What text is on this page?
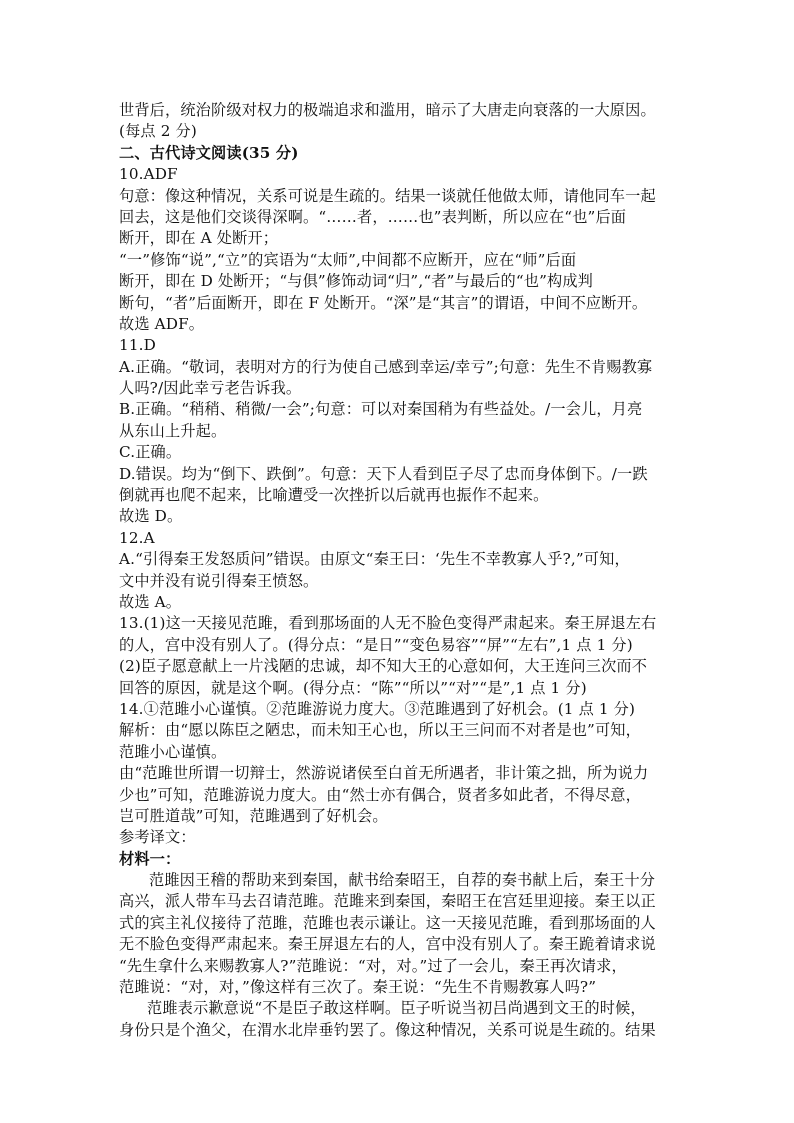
世背后，统治阶级对权力的极端追求和滥用，暗示了大唐走向衰落的一大原因。
(每点 2 分)
二、古代诗文阅读(35 分)
10.ADF
句意：像这种情况，关系可说是生疏的。结果一谈就任他做太师，请他同车一起
回去，这是他们交谈得深啊。“……者，……也”表判断，所以应在“也”后面
断开，即在 A 处断开；
“一”修饰“说”,“立”的宾语为“太师”,中间都不应断开，应在“师”后面
断开，即在 D 处断开；“与俱”修饰动词“归”,“者”与最后的“也”构成判
断句，“者”后面断开，即在 F 处断开。“深”是“其言”的谓语，中间不应断开。
故选 ADF。
11.D
A.正确。“敬词，表明对方的行为使自己感到幸运/幸亏”;句意：先生不肯赐教寡
人吗?/因此幸亏老告诉我。
B.正确。“稍稍、稍微/一会”;句意：可以对秦国稍为有些益处。/一会儿，月亮
从东山上升起。
C.正确。
D.错误。均为“倒下、跌倒”。句意：天下人看到臣子尽了忠而身体倒下。/一跌
倒就再也爬不起来，比喻遭受一次挫折以后就再也振作不起来。
故选 D。
12.A
A.“引得秦王发怒质问”错误。由原文“秦王曰：‘先生不幸教寡人乎?,”可知，
文中并没有说引得秦王愤怒。
故选 A。
13.(1)这一天接见范雎，看到那场面的人无不脸色变得严肃起来。秦王屏退左右
的人，宫中没有别人了。(得分点：“是日”“变色易容”“屏”“左右”,1 点 1 分)
(2)臣子愿意献上一片浅陋的忠诚，却不知大王的心意如何，大王连问三次而不
回答的原因，就是这个啊。(得分点：“陈”“所以”“对”“是”,1 点 1 分)
14.①范雎小心谨慎。②范雎游说力度大。③范雎遇到了好机会。(1 点 1 分)
解析：由“愿以陈臣之陋忠，而未知王心也，所以王三问而不对者是也”可知，
范雎小心谨慎。
由“范雎世所谓一切辩士，然游说诸侯至白首无所遇者，非计策之拙，所为说力
少也”可知，范雎游说力度大。由“然士亦有偶合，贤者多如此者，不得尽意，
岂可胜道哉”可知，范雎遇到了好机会。
参考译文：
材料一：
范雎因王稽的帮助来到秦国，献书给秦昭王，自荐的奏书献上后，秦王十分
高兴，派人带车马去召请范雎。范雎来到秦国，秦昭王在宫廷里迎接。秦王以正
式的宾主礼仪接待了范雎，范雎也表示谦让。这一天接见范雎，看到那场面的人
无不脸色变得严肃起来。秦王屏退左右的人，宫中没有别人了。秦王跪着请求说
“先生拿什么来赐教寡人?”范雎说：“对，对。”过了一会儿，秦王再次请求，
范雎说：“对，对，”像这样有三次了。秦王说：“先生不肯赐教寡人吗?”
范雎表示歉意说“不是臣子敢这样啊。臣子听说当初吕尚遇到文王的时候，
身份只是个渔父，在渭水北岸垂钓罢了。像这种情况，关系可说是生疏的。结果
